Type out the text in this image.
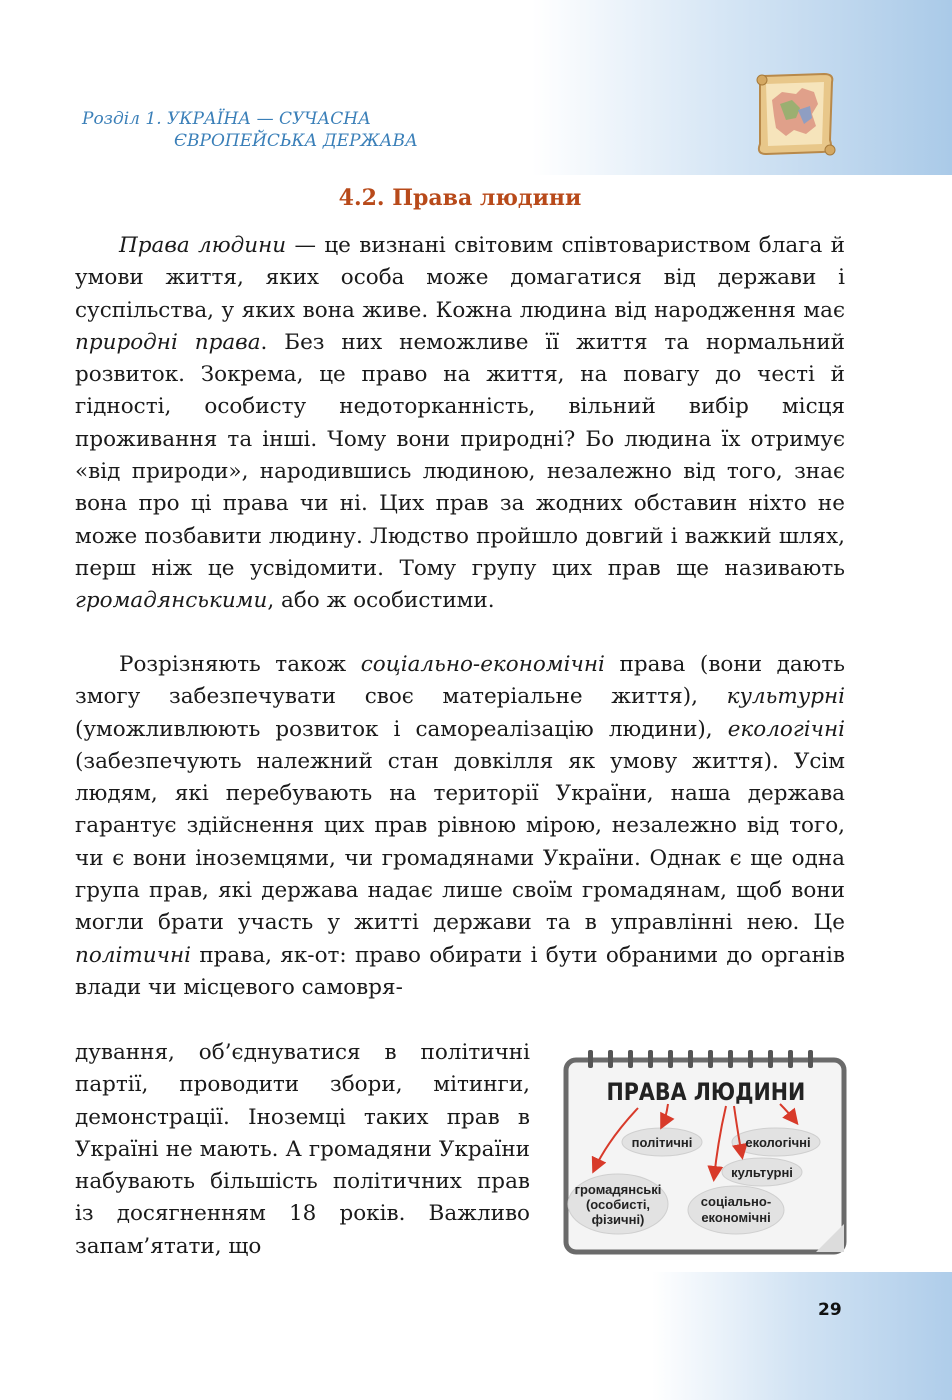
Розділ 1. УКРАЇНА — СУЧАСНА
ЄВРОПЕЙСЬКА ДЕРЖАВА
4.2. Права людини

Права людини — це визнані світовим співтовариством блага й умови життя, яких особа може домагатися від держави і суспільства, у яких вона живе. Кожна людина від народження має природні права. Без них неможливе її життя та нормальний розвиток. Зокрема, це право на життя, на повагу до честі й гідності, особисту недоторканність, вільний вибір місця проживання та інші. Чому вони природні? Бо людина їх отримує «від природи», народившись людиною, незалежно від того, знає вона про ці права чи ні. Цих прав за жодних обставин ніхто не може позбавити людину. Людство пройшло довгий і важкий шлях, перш ніж це усвідомити. Тому групу цих прав ще називають громадянськими, або ж особистими.

Розрізняють також соціально-економічні права (вони дають змогу забезпечувати своє матеріальне життя), культурні (уможливлюють розвиток і самореалізацію людини), екологічні (забезпечують належний стан довкілля як умову життя). Усім людям, які перебувають на території України, наша держава гарантує здійснення цих прав рівною мірою, незалежно від того, чи є вони іноземцями, чи громадянами України. Однак є ще одна група прав, які держава надає лише своїм громадянам, щоб вони могли брати участь у житті держави та в управлінні нею. Це політичні права, як-от: право обирати і бути обраними до органів влади чи місцевого самовря-

дування, об’єднуватися в політичні партії, проводити збори, мітинги, демонстрації. Іноземці таких прав в Україні не мають. А громадяни України набувають більшість політичних прав із досягненням 18 років. Важливо запам’ятати, що

ПРАВА ЛЮДИНИ
політичні	екологічні
культурні
громадянські
(особисті,
фізичні)
соціально-
економічні
29
